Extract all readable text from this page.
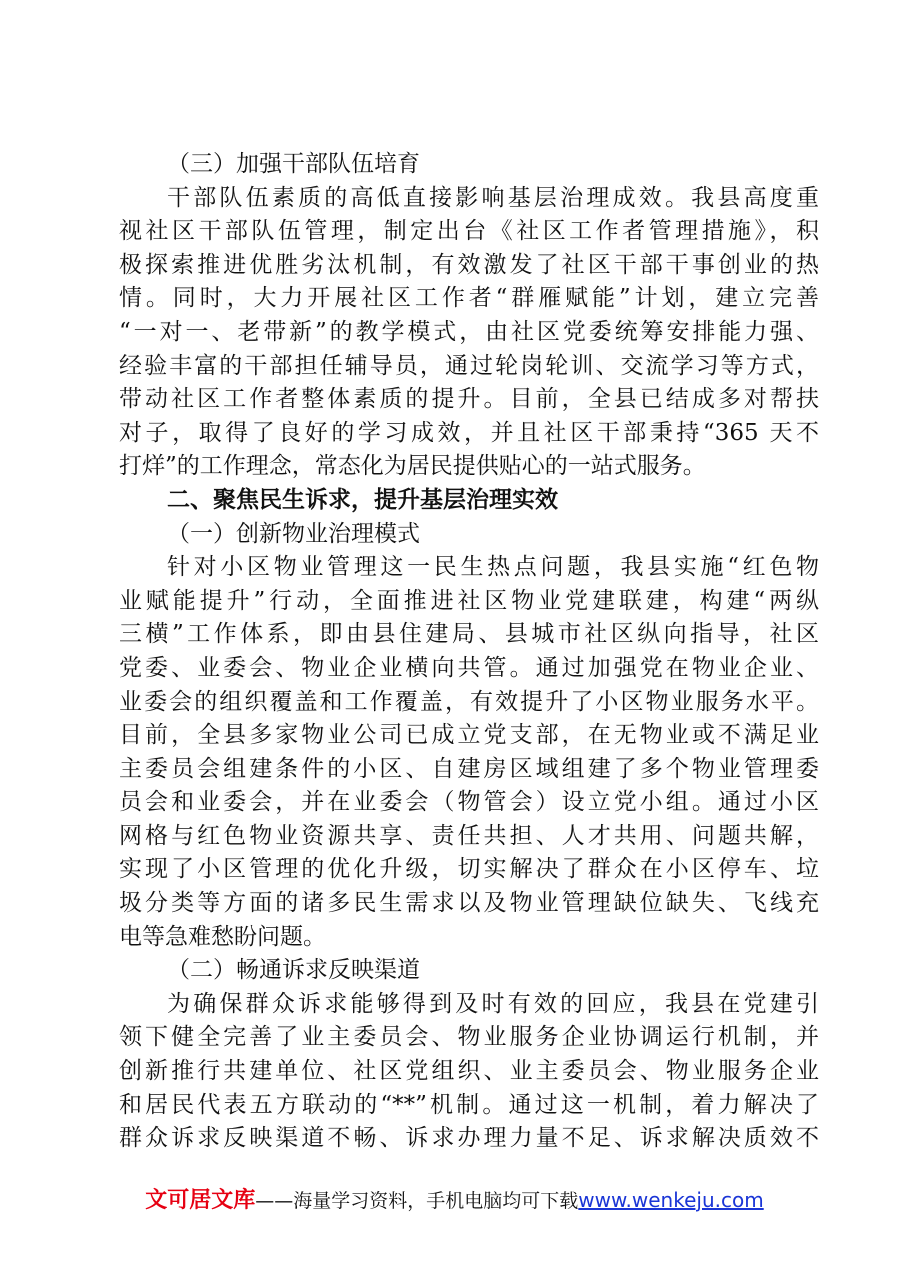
（三）加强干部队伍培育
干部队伍素质的高低直接影响基层治理成效。我县高度重
视社区干部队伍管理，制定出台《社区工作者管理措施》，积
极探索推进优胜劣汰机制，有效激发了社区干部干事创业的热
情。同时，大力开展社区工作者“群雁赋能”计划，建立完善
“一对一、老带新”的教学模式，由社区党委统筹安排能力强、
经验丰富的干部担任辅导员，通过轮岗轮训、交流学习等方式，
带动社区工作者整体素质的提升。目前，全县已结成多对帮扶
对子，取得了良好的学习成效，并且社区干部秉持“365 天不
打烊”的工作理念，常态化为居民提供贴心的一站式服务。
二、聚焦民生诉求，提升基层治理实效
（一）创新物业治理模式
针对小区物业管理这一民生热点问题，我县实施“红色物
业赋能提升”行动，全面推进社区物业党建联建，构建“两纵
三横”工作体系，即由县住建局、县城市社区纵向指导，社区
党委、业委会、物业企业横向共管。通过加强党在物业企业、
业委会的组织覆盖和工作覆盖，有效提升了小区物业服务水平。
目前，全县多家物业公司已成立党支部，在无物业或不满足业
主委员会组建条件的小区、自建房区域组建了多个物业管理委
员会和业委会，并在业委会（物管会）设立党小组。通过小区
网格与红色物业资源共享、责任共担、人才共用、问题共解，
实现了小区管理的优化升级，切实解决了群众在小区停车、垃
圾分类等方面的诸多民生需求以及物业管理缺位缺失、飞线充
电等急难愁盼问题。
（二）畅通诉求反映渠道
为确保群众诉求能够得到及时有效的回应，我县在党建引
领下健全完善了业主委员会、物业服务企业协调运行机制，并
创新推行共建单位、社区党组织、业主委员会、物业服务企业
和居民代表五方联动的“**”机制。通过这一机制，着力解决了
群众诉求反映渠道不畅、诉求办理力量不足、诉求解决质效不
文可居文库——海量学习资料，手机电脑均可下载www.wenkeju.com
